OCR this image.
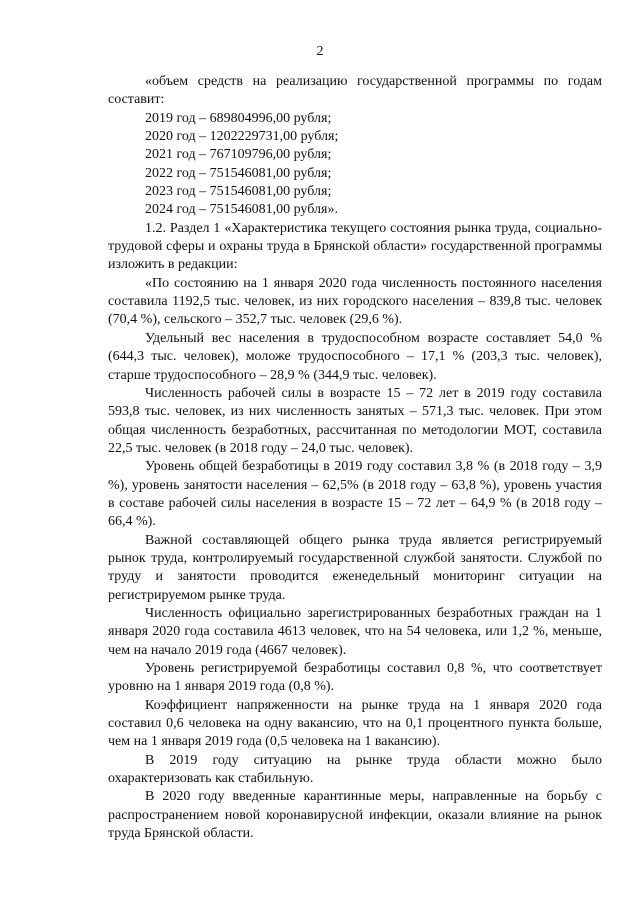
2

«объем средств на реализацию государственной программы по годам составит:

2019 год – 689804996,00 рубля;

2020 год – 1202229731,00 рубля;

2021 год – 767109796,00 рубля;

2022 год – 751546081,00 рубля;

2023 год – 751546081,00 рубля;

2024 год – 751546081,00 рубля».

1.2. Раздел 1 «Характеристика текущего состояния рынка труда, социально-трудовой сферы и охраны труда в Брянской области» государственной программы изложить в редакции:

«По состоянию на 1 января 2020 года численность постоянного населения составила 1192,5 тыс. человек, из них городского населения – 839,8 тыс. человек (70,4 %), сельского – 352,7 тыс. человек (29,6 %).

Удельный вес населения в трудоспособном возрасте составляет 54,0 % (644,3 тыс. человек), моложе трудоспособного – 17,1 % (203,3 тыс. человек), старше трудоспособного – 28,9 % (344,9 тыс. человек).

Численность рабочей силы в возрасте 15 – 72 лет в 2019 году составила 593,8 тыс. человек, из них численность занятых – 571,3 тыс. человек. При этом общая численность безработных, рассчитанная по методологии МОТ, составила 22,5 тыс. человек (в 2018 году – 24,0 тыс. человек).

Уровень общей безработицы в 2019 году составил 3,8 % (в 2018 году – 3,9 %), уровень занятости населения – 62,5% (в 2018 году – 63,8 %), уровень участия в составе рабочей силы населения в возрасте 15 – 72 лет – 64,9 % (в 2018 году – 66,4 %).

Важной составляющей общего рынка труда является регистрируемый рынок труда, контролируемый государственной службой занятости. Службой по труду и занятости проводится еженедельный мониторинг ситуации на регистрируемом рынке труда.

Численность официально зарегистрированных безработных граждан на 1 января 2020 года составила 4613 человек, что на 54 человека, или 1,2 %, меньше, чем на начало 2019 года (4667 человек).

Уровень регистрируемой безработицы составил 0,8 %, что соответствует уровню на 1 января 2019 года (0,8 %).

Коэффициент напряженности на рынке труда на 1 января 2020 года составил 0,6 человека на одну вакансию, что на 0,1 процентного пункта больше, чем на 1 января 2019 года (0,5 человека на 1 вакансию).

В 2019 году ситуацию на рынке труда области можно было охарактеризовать как стабильную.

В 2020 году введенные карантинные меры, направленные на борьбу с распространением новой коронавирусной инфекции, оказали влияние на рынок труда Брянской области.
